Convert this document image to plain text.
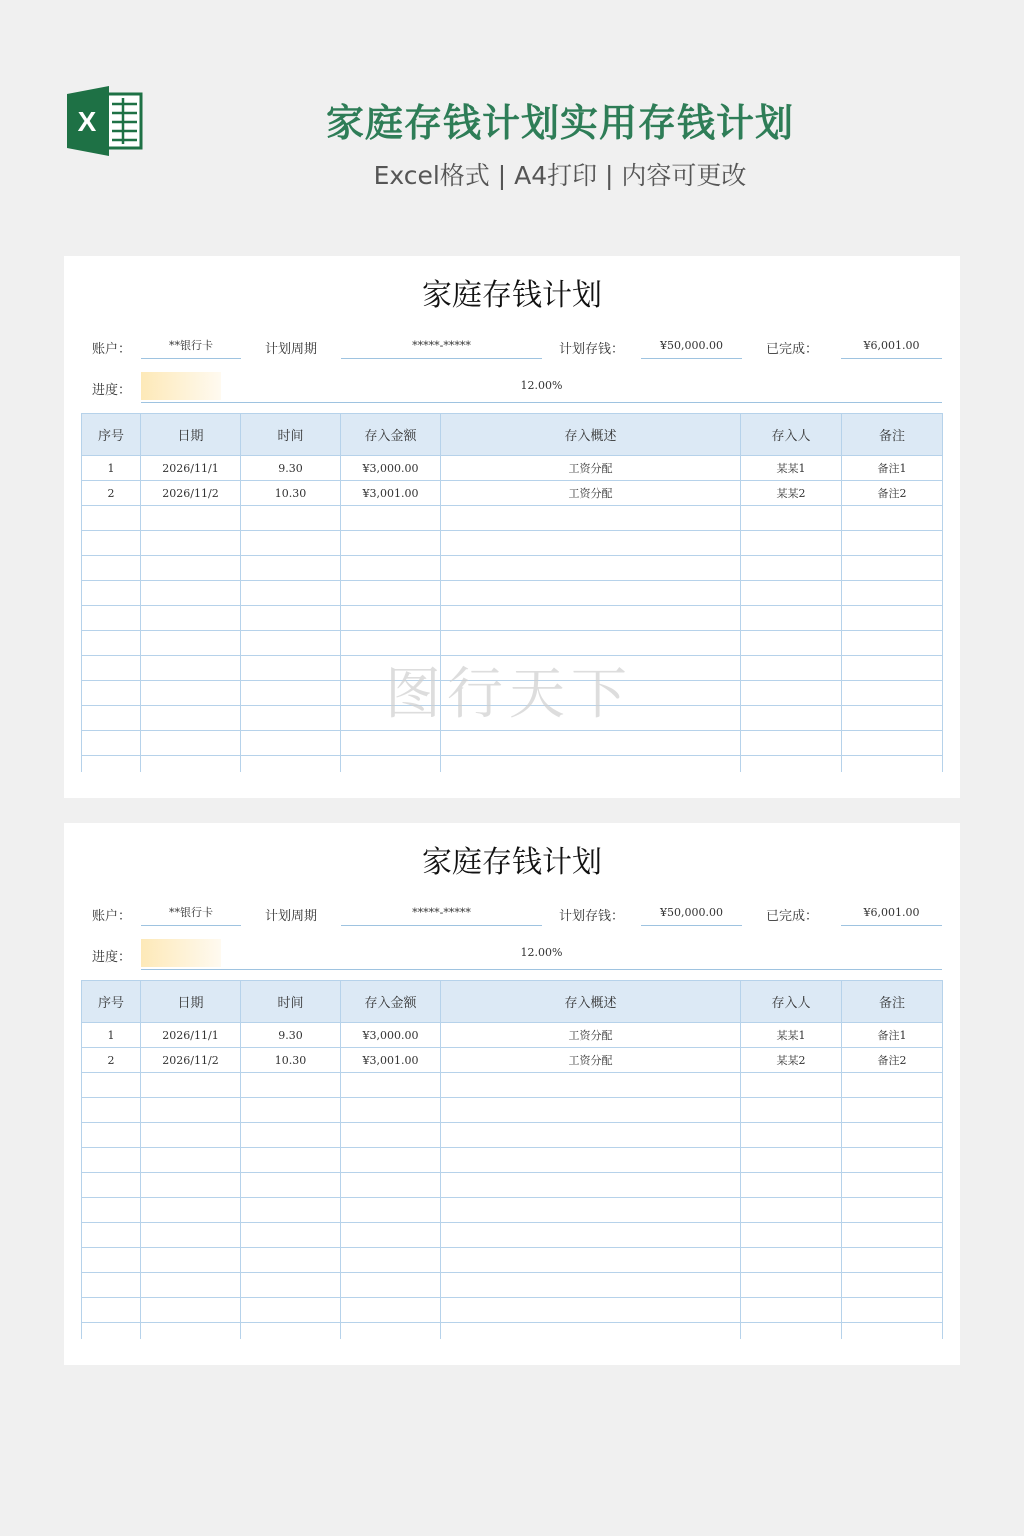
X	家庭存钱计划实用存钱计划
Excel格式 | A4打印 | 内容可更改
家庭存钱计划
账户：	**银行卡	计划周期	*****-*****	计划存钱：	¥50,000.00	已完成：	¥6,001.00
进度：	12.00%
序号	日期	时间	存入金额	存入概述	存入人	备注
1	2026/11/1	9.30	¥3,000.00	工资分配	某某1	备注1
2	2026/11/2	10.30	¥3,001.00	工资分配	某某2	备注2

家庭存钱计划
账户：	**银行卡	计划周期	*****-*****	计划存钱：	¥50,000.00	已完成：	¥6,001.00
进度：	12.00%
序号	日期	时间	存入金额	存入概述	存入人	备注
1	2026/11/1	9.30	¥3,000.00	工资分配	某某1	备注1
2	2026/11/2	10.30	¥3,001.00	工资分配	某某2	备注2

图行天下
